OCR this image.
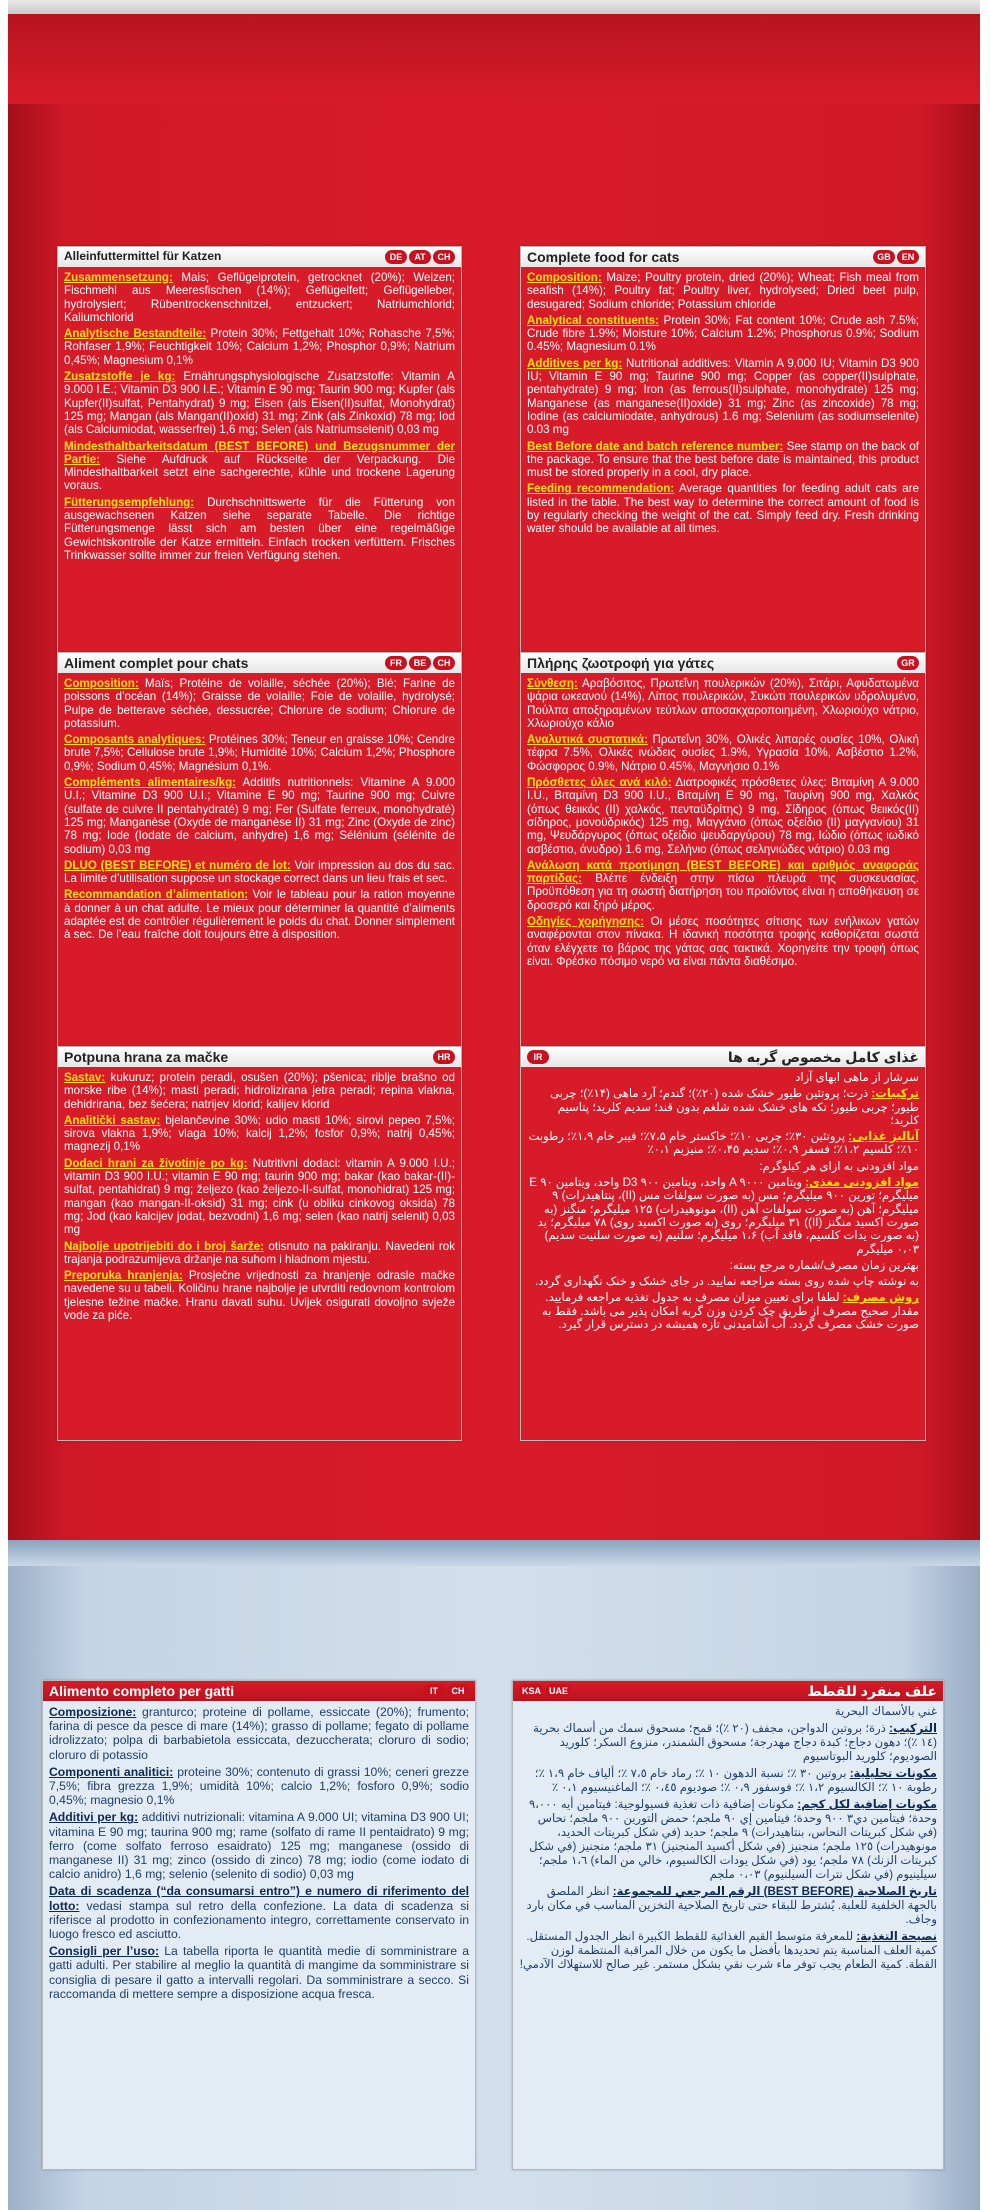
Alleinfuttermittel für Katzen	DE	AT	CH

Zusammensetzung: Mais; Geflügelprotein, getrocknet (20%); Weizen; Fischmehl aus Meeresfischen (14%); Geflügelfett; Geflügelleber, hydrolysiert; Rübentrockenschnitzel, entzuckert; Natriumchlorid; Kaliumchlorid

Analytische Bestandteile: Protein 30%; Fettgehalt 10%; Rohasche 7,5%; Rohfaser 1,9%; Feuchtigkeit 10%; Calcium 1,2%; Phosphor 0,9%; Natrium 0,45%; Magnesium 0,1%

Zusatzstoffe je kg: Ernährungsphysiologische Zusatzstoffe: Vitamin A 9.000 I.E.; Vitamin D3 900 I.E.; Vitamin E 90 mg; Taurin 900 mg; Kupfer (als Kupfer(II)sulfat, Pentahydrat) 9 mg; Eisen (als Eisen(II)sulfat, Monohydrat) 125 mg; Mangan (als Mangan(II)oxid) 31 mg; Zink (als Zinkoxid) 78 mg; Iod (als Calciumiodat, wasserfrei) 1,6 mg; Selen (als Natriumselenit) 0,03 mg

Mindesthaltbarkeitsdatum (BEST BEFORE) und Bezugsnummer der Partie: Siehe Aufdruck auf Rückseite der Verpackung. Die Mindesthaltbarkeit setzt eine sachgerechte, kühle und trockene Lagerung voraus.

Fütterungsempfehlung: Durchschnittswerte für die Fütterung von ausgewachsenen Katzen siehe separate Tabelle. Die richtige Fütterungsmenge lässt sich am besten über eine regelmäßige Gewichtskontrolle der Katze ermitteln. Einfach trocken verfüttern. Frisches Trinkwasser sollte immer zur freien Verfügung stehen.

Complete food for cats	GB	EN

Composition: Maize; Poultry protein, dried (20%); Wheat; Fish meal from seafish (14%); Poultry fat; Poultry liver, hydrolysed; Dried beet pulp, desugared; Sodium chloride; Potassium chloride

Analytical constituents: Protein 30%; Fat content 10%; Crude ash 7.5%; Crude fibre 1.9%; Moisture 10%; Calcium 1.2%; Phosphorus 0.9%; Sodium 0.45%; Magnesium 0.1%

Additives per kg: Nutritional additives: Vitamin A 9,000 IU; Vitamin D3 900 IU; Vitamin E 90 mg; Taurine 900 mg; Copper (as copper(II)sulphate, pentahydrate) 9 mg; Iron (as ferrous(II)sulphate, monohydrate) 125 mg; Manganese (as manganese(II)oxide) 31 mg; Zinc (as zincoxide) 78 mg; Iodine (as calciumiodate, anhydrous) 1.6 mg; Selenium (as sodiumselenite) 0.03 mg

Best Before date and batch reference number: See stamp on the back of the package. To ensure that the best before date is maintained, this product must be stored properly in a cool, dry place.

Feeding recommendation: Average quantities for feeding adult cats are listed in the table. The best way to determine the correct amount of food is by regularly checking the weight of the cat. Simply feed dry. Fresh drinking water should be available at all times.

Aliment complet pour chats	FR	BE	CH

Composition: Maïs; Protéine de volaille, séchée (20%); Blé; Farine de poissons d’océan (14%); Graisse de volaille; Foie de volaille, hydrolysé; Pulpe de betterave séchée, dessucrée; Chlorure de sodium; Chlorure de potassium.

Composants analytiques: Protéines 30%; Teneur en graisse 10%; Cendre brute 7,5%; Cellulose brute 1,9%; Humidité 10%; Calcium 1,2%; Phosphore 0,9%; Sodium 0,45%; Magnésium 0,1%.

Compléments alimentaires/kg: Additifs nutritionnels: Vitamine A 9.000 U.I.; Vitamine D3 900 U.I.; Vitamine E 90 mg; Taurine 900 mg; Cuivre (sulfate de cuivre II pentahydraté) 9 mg; Fer (Sulfate ferreux, monohydraté) 125 mg; Manganèse (Oxyde de manganèse II) 31 mg; Zinc (Oxyde de zinc) 78 mg; Iode (Iodate de calcium, anhydre) 1,6 mg; Sélénium (sélénite de sodium) 0,03 mg

DLUO (BEST BEFORE) et numéro de lot: Voir impression au dos du sac. La limite d’utilisation suppose un stockage correct dans un lieu frais et sec.

Recommandation d’alimentation: Voir le tableau pour la ration moyenne à donner à un chat adulte. Le mieux pour déterminer la quantité d’aliments adaptée est de contrôler régulièrement le poids du chat. Donner simplement à sec. De l’eau fraîche doit toujours être à disposition.

Πλήρης ζωοτροφή για γάτες	GR

Σύνθεση: Αραβόσιτος, Πρωτεΐνη πουλερικών (20%), Σιτάρι, Αφυδατωμένα ψάρια ωκεανού (14%), Λίπος πουλερικών, Συκώτι πουλερικών υδρολυμένο, Πούλπα αποξηραμένων τεύτλων αποσακχαροποιημένη, Χλωριούχο νάτριο, Χλωριούχο κάλιο

Αναλυτικά συστατικά: Πρωτεΐνη 30%, Ολικές λιπαρές ουσίες 10%, Ολική τέφρα 7.5%, Ολικές ινώδεις ουσίες 1.9%, Υγρασία 10%, Ασβέστιο 1.2%, Φώσφορος 0.9%, Νάτριο 0.45%, Μαγνήσιο 0.1%

Πρόσθετες ύλες ανά κιλό: Διατροφικές πρόσθετες ύλες: Βιταμίνη A 9.000 I.U., Βιταμίνη D3 900 I.U., Βιταμίνη E 90 mg, Ταυρίνη 900 mg, Χαλκός (όπως θειικός (II) χαλκός, πενταϋδρίτης) 9 mg, Σίδηρος (όπως θειικός(II) σίδηρος, μονοϋδρικός) 125 mg, Μαγγάνιο (όπως οξείδιο (II) μαγγανίου) 31 mg, Ψευδάργυρος (όπως οξείδιο ψευδαργύρου) 78 mg, Ιώδιο (όπως ιωδικό ασβέστιο, άνυδρο) 1.6 mg, Σελήνιο (όπως σεληνιώδες νάτριο) 0.03 mg

Ανάλωση κατά προτίμηση (BEST BEFORE) και αριθμός αναφοράς παρτίδας: Βλέπε ένδειξη στην πίσω πλευρά της συσκευασίας. Προϋπόθεση για τη σωστή διατήρηση του προϊόντος είναι η αποθήκευση σε δροσερό και ξηρό μέρος.

Οδηγίες χορήγησης: Οι μέσες ποσότητες σίτισης των ενήλικων γατών αναφέρονται στον πίνακα. Η ιδανική ποσότητα τροφής καθορίζεται σωστά όταν ελέγχετε το βάρος της γάτας σας τακτικά. Χορηγείτε την τροφή όπως είναι. Φρέσκο πόσιμο νερό να είναι πάντα διαθέσιμο.

Potpuna hrana za mačke	HR

Sastav: kukuruz; protein peradi, osušen (20%); pšenica; riblje brašno od morske ribe (14%); masti peradi; hidrolizirana jetra peradi; repina vlakna, dehidrirana, bez šećera; natrijev klorid; kalijev klorid

Analitički sastav: bjelančevine 30%; udio masti 10%; sirovi pepeo 7,5%; sirova vlakna 1,9%; vlaga 10%; kalcij 1,2%; fosfor 0,9%; natrij 0,45%; magnezij 0,1%

Dodaci hrani za životinje po kg: Nutritivni dodaci: vitamin A 9.000 I.U.; vitamin D3 900 I.U.; vitamin E 90 mg; taurin 900 mg; bakar (kao bakar-(II)-sulfat, pentahidrat) 9 mg; željezo (kao željezo-II-sulfat, monohidrat) 125 mg; mangan (kao mangan-II-oksid) 31 mg; cink (u obliku cinkovog oksida) 78 mg; Jod (kao kalcijev jodat, bezvodni) 1,6 mg; selen (kao natrij selenit) 0,03 mg

Najbolje upotrijebiti do i broj šarže: otisnuto na pakiranju. Navedeni rok trajanja podrazumijeva držanje na suhom i hladnom mjestu.

Preporuka hranjenja: Prosječne vrijednosti za hranjenje odrasle mačke navedene su u tabeli. Količinu hrane najbolje je utvrditi redovnom kontrolom tjelesne težine mačke. Hranu davati suhu. Uvijek osigurati dovoljno svježe vode za piće.

غذای کامل مخصوص گربه ها
IR

سرشار از ماهی ابهای آزاد

ترکیبات: ذرت؛ پروتئین طیور خشک شده (۲۰٪)؛ گندم؛ آرد ماهی (۱۴٪)؛ چربی طیور؛ چربی طیور؛ تکه های خشک شده شلغم بدون قند؛ سدیم کلرید؛ پتاسیم کلرید؛

آنالیز غذایی: پروتئین ۳۰٪؛ چربی ۱۰٪؛ خاکستر خام ۷،۵٪؛ فیبر خام ۱،۹٪؛ رطوبت ۱۰٪؛ کلسیم ۱،۲٪؛ فسفر ۰،۹٪؛ سدیم ۰،۴۵٪؛ منیزیم ۰،۱٪

مواد افزودنی به ازای هر کیلوگرم:

مواد افزودنی مغذی: ویتامین A ۹۰۰۰ واحد، ویتامین D3 ۹۰۰ واحد، ویتامین E ۹۰ میلیگرم؛ تورین ۹۰۰ میلیگرم؛ مس (به صورت سولفات مس (II)، پنتاهیدرات) ۹ میلیگرم؛ آهن (به صورت سولفات آهن (II)، مونوهیدرات) ۱۲۵ میلیگرم؛ منگنز (به صورت اکسید منگنز (II)) ۳۱ میلیگرم؛ روی (به صورت اکسید روی) ۷۸ میلیگرم؛ ید (به صورت یدات کلسیم، فاقد آب) ۱،۶ میلیگرم؛ سلنیم (به صورت سلنیت سدیم) ۰،۰۳ میلیگرم

بهترین زمان مصرف/شماره مرجع بسته:

به نوشته چاپ شده روی بسته مراجعه نمایید. در جای خشک و خنک نگهداری گردد.

روش مصرف: لطفا برای تعیین میزان مصرف به جدول تغذیه مراجعه فرمایید. مقدار صحیح مصرف از طریق چک کردن وزن گربه امکان پذیر می باشد. فقط به صورت خشک مصرف گردد. آب آشامیدنی تازه همیشه در دسترس قرار گیرد.

Alimento completo per gatti	IT	CH

Composizione: granturco; proteine di pollame, essiccate (20%); frumento; farina di pesce da pesce di mare (14%); grasso di pollame; fegato di pollame idrolizzato; polpa di barbabietola essiccata, dezuccherata; cloruro di sodio; cloruro di potassio

Componenti analitici: proteine 30%; contenuto di grassi 10%; ceneri grezze 7,5%; fibra grezza 1,9%; umidità 10%; calcio 1,2%; fosforo 0,9%; sodio 0,45%; magnesio 0,1%

Additivi per kg: additivi nutrizionali: vitamina A 9.000 UI; vitamina D3 900 UI; vitamina E 90 mg; taurina 900 mg; rame (solfato di rame II pentaidrato) 9 mg; ferro (come solfato ferroso esaidrato) 125 mg; manganese (ossido di manganese II) 31 mg; zinco (ossido di zinco) 78 mg; iodio (come iodato di calcio anidro) 1,6 mg; selenio (selenito di sodio) 0,03 mg

Data di scadenza (“da consumarsi entro”) e numero di riferimento del lotto: vedasi stampa sul retro della confezione. La data di scadenza si riferisce al prodotto in confezionamento integro, correttamente conservato in luogo fresco ed asciutto.

Consigli per l’uso: La tabella riporta le quantità medie di somministrare a gatti adulti. Per stabilire al meglio la quantità di mangime da somministrare si consiglia di pesare il gatto a intervalli regolari. Da somministrare a secco. Si raccomanda di mettere sempre a disposizione acqua fresca.

علف منفرد للقطط
KSA UAE

غني بالأسماك البحرية

التركيب: ذرة؛ بروتين الدواجن، مجفف (٢٠ ٪)؛ قمح؛ مسحوق سمك من أسماك بحرية (١٤ ٪)؛ دهون دجاج؛ كبدة دجاج مهدرجة؛ مسحوق الشمندر، منزوع السكر؛ كلوريد الصوديوم؛ كلوريد البوتاسيوم

مكونات تحليلية: بروتين ٣٠ ٪؛ نسبة الدهون ١٠ ٪؛ رماد خام ٧،٥ ٪؛ ألياف خام ١،٩ ٪؛ رطوبة ١٠ ٪؛ الكالسيوم ١،٢ ٪؛ فوسفور ٠،٩ ٪؛ صوديوم ٠،٤٥ ٪؛ الماغنيسيوم ٠،١ ٪

مكونات إضافية لكل كجم: مكونات إضافية ذات تغذية فسيولوجية: فيتامين أيه ٩،٠٠٠ وحدة؛ فيتامين دي٣ ٩٠٠ وحدة؛ فيتامين إي ٩٠ ملجم؛ حمض التورين ٩٠٠ ملجم؛ نحاس (في شكل كبريتات النحاس، بنتاهيدرات) ٩ ملجم؛ حديد (في شكل كبريتات الحديد، مونوهيدرات) ١٢٥ ملجم؛ منجنيز (في شكل أكسيد المنجنيز) ٣١ ملجم؛ منجنيز (في شكل كبريتات الزنك) ٧٨ ملجم؛ يود (في شكل يودات الكالسيوم، خالي من الماء) ١،٦ ملجم؛ سيلينيوم (في شكل نترات السيلنيوم) ٠،٠٣ ملجم

تاريخ الصلاحية (BEST BEFORE) الرقم المرجعي للمجموعة: انظر الملصق بالجهة الخلفية للعلبة. يُشترط للبقاء حتى تاريخ الصلاحية التخزين المناسب في مكان بارد وجاف.

نصيحة التغذية: للمعرفة متوسط القيم الغذائية للقطط الكبيرة انظر الجدول المستقل. كمية العلف المناسبة يتم تحديدها بأفضل ما يكون من خلال المراقبة المنتظمة لوزن القطة. كمية الطعام يجب توفر ماء شرب نقي بشكل مستمر. غير صالح للاستهلاك الآدمي!
